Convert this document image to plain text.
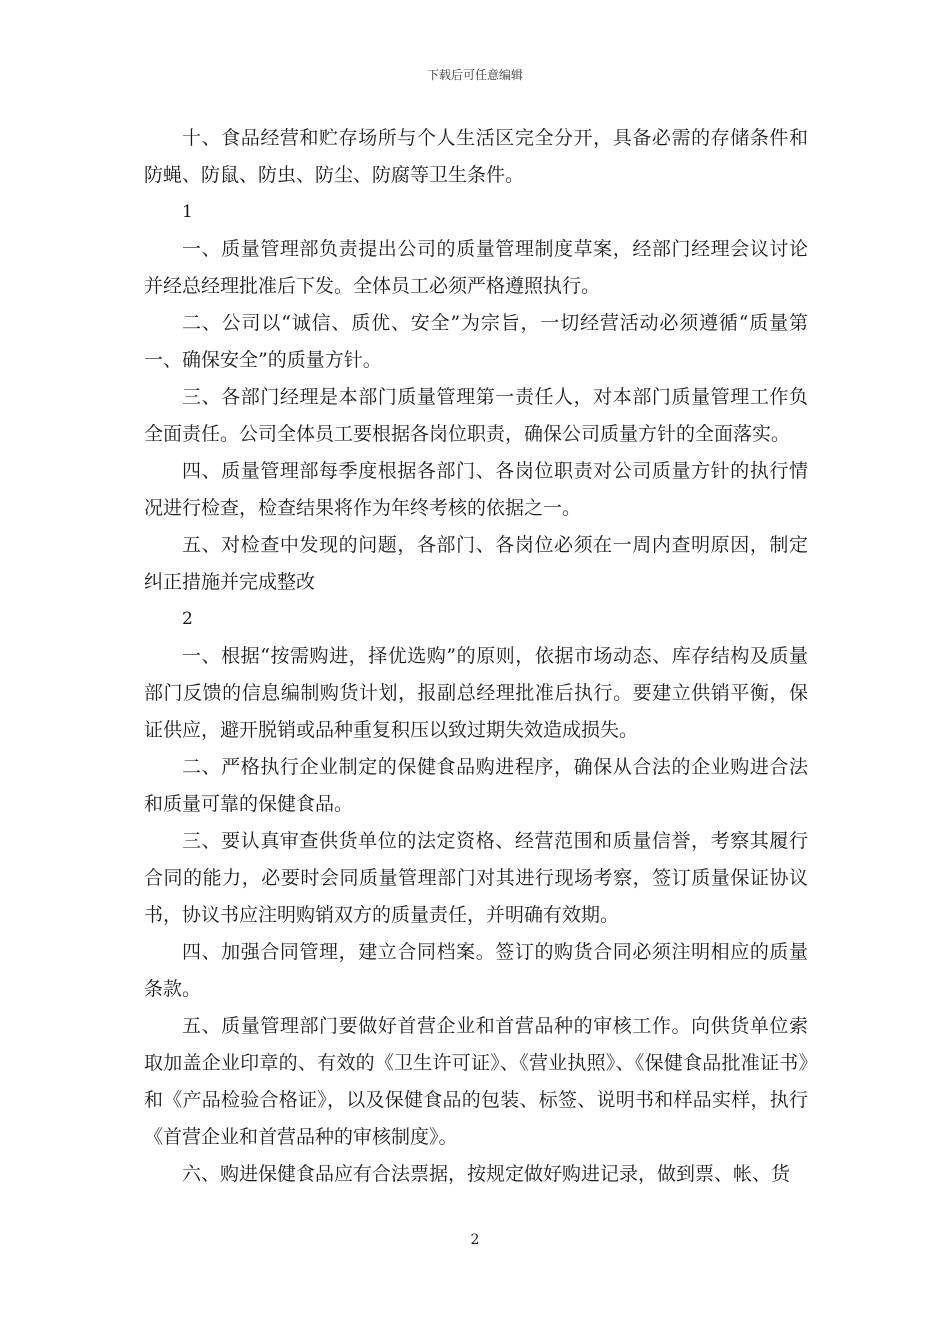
下载后可任意编辑

十、食品经营和贮存场所与个人生活区完全分开，具备必需的存储条件和防蝇、防鼠、防虫、防尘、防腐等卫生条件。

1

一、质量管理部负责提出公司的质量管理制度草案，经部门经理会议讨论并经总经理批准后下发。全体员工必须严格遵照执行。

二、公司以“诚信、质优、安全”为宗旨，一切经营活动必须遵循“质量第一、确保安全”的质量方针。

三、各部门经理是本部门质量管理第一责任人，对本部门质量管理工作负全面责任。公司全体员工要根据各岗位职责，确保公司质量方针的全面落实。

四、质量管理部每季度根据各部门、各岗位职责对公司质量方针的执行情况进行检查，检查结果将作为年终考核的依据之一。

五、对检查中发现的问题，各部门、各岗位必须在一周内查明原因，制定纠正措施并完成整改

2

一、根据“按需购进，择优选购”的原则，依据市场动态、库存结构及质量部门反馈的信息编制购货计划，报副总经理批准后执行。要建立供销平衡，保证供应，避开脱销或品种重复积压以致过期失效造成损失。

二、严格执行企业制定的保健食品购进程序，确保从合法的企业购进合法和质量可靠的保健食品。

三、要认真审查供货单位的法定资格、经营范围和质量信誉，考察其履行合同的能力，必要时会同质量管理部门对其进行现场考察，签订质量保证协议书，协议书应注明购销双方的质量责任，并明确有效期。

四、加强合同管理，建立合同档案。签订的购货合同必须注明相应的质量条款。

五、质量管理部门要做好首营企业和首营品种的审核工作。向供货单位索取加盖企业印章的、有效的《卫生许可证》、《营业执照》、《保健食品批准证书》和《产品检验合格证》，以及保健食品的包装、标签、说明书和样品实样，执行《首营企业和首营品种的审核制度》。

六、购进保健食品应有合法票据，按规定做好购进记录，做到票、帐、货

2
